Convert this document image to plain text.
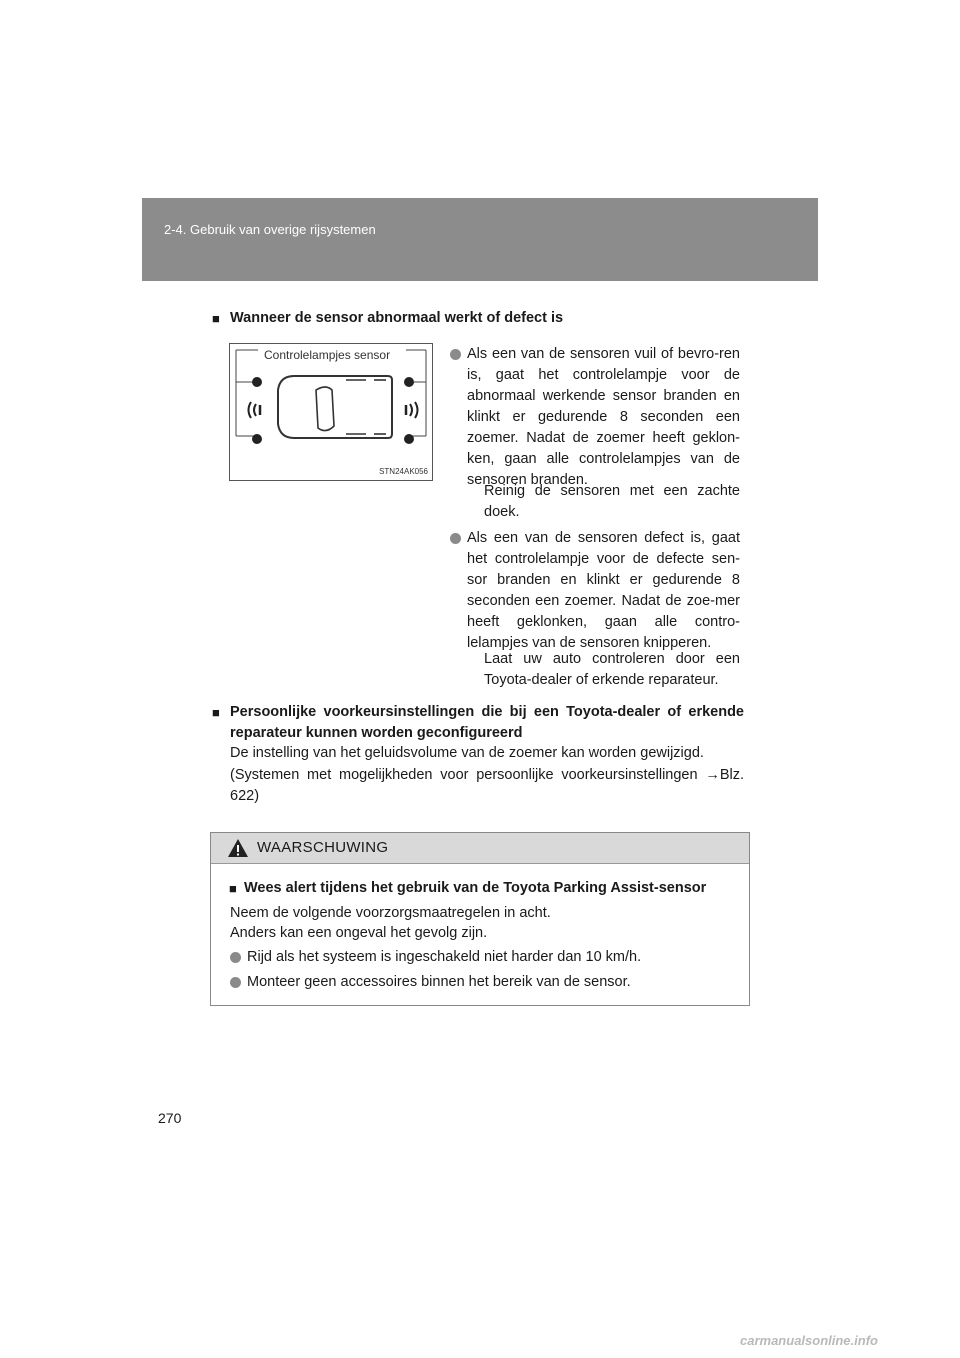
2-4. Gebruik van overige rijsystemen
■ Wanneer de sensor abnormaal werkt of defect is
Controlelampjes sensor
STN24AK056
Als een van de sensoren vuil of bevro-ren is, gaat het controlelampje voor de abnormaal werkende sensor branden en klinkt er gedurende 8 seconden een zoemer. Nadat de zoemer heeft geklon-ken, gaan alle controlelampjes van de sensoren branden.
Reinig de sensoren met een zachte doek.
Als een van de sensoren defect is, gaat het controlelampje voor de defecte sen-sor branden en klinkt er gedurende 8 seconden een zoemer. Nadat de zoe-mer heeft geklonken, gaan alle contro-lelampjes van de sensoren knipperen.
Laat uw auto controleren door een Toyota-dealer of erkende reparateur.
■ Persoonlijke voorkeursinstellingen die bij een Toyota-dealer of erkende reparateur kunnen worden geconfigureerd
De instelling van het geluidsvolume van de zoemer kan worden gewijzigd.
(Systemen met mogelijkheden voor persoonlijke voorkeursinstellingen →Blz. 622)
WAARSCHUWING
■ Wees alert tijdens het gebruik van de Toyota Parking Assist-sensor
Neem de volgende voorzorgsmaatregelen in acht.
Anders kan een ongeval het gevolg zijn.
Rijd als het systeem is ingeschakeld niet harder dan 10 km/h.
Monteer geen accessoires binnen het bereik van de sensor.
270
carmanualsonline.info
